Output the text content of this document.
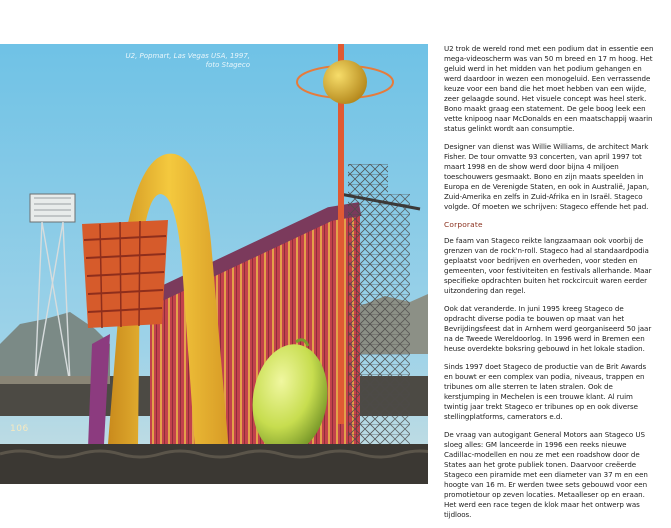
U2, Popmart, Las Vegas USA, 1997,
foto Stageco
106

U2 trok de wereld rond met een podium dat in essentie een mega-videoscherm was van 50 m breed en 17 m hoog. Het geluid werd in het midden van het podium gehangen en werd daardoor in wezen een monogeluid. Een verrassende keuze voor een band die het moet hebben van een wijde, zeer gelaagde sound. Het visuele concept was heel sterk. Bono maakt graag een statement. De gele boog leek een vette knipoog naar McDonalds en een maatschappij waarin status gelinkt wordt aan consumptie.

Designer van dienst was Willie Williams, de architect Mark Fisher. De tour omvatte 93 concerten, van april 1997 tot maart 1998 en de show werd door bijna 4 miljoen toeschouwers gesmaakt. Bono en zijn maats speelden in Europa en de Verenigde Staten, en ook in Australië, Japan, Zuid-Amerika en zelfs in Zuid-Afrika en in Israël. Stageco volgde. Of moeten we schrijven: Stageco effende het pad.

Corporate

De faam van Stageco reikte langzaamaan ook voorbij de grenzen van de rock'n-roll. Stageco had al standaardpodia geplaatst voor bedrijven en overheden, voor steden en gemeenten, voor festiviteiten en festivals allerhande. Maar specifieke opdrachten buiten het rockcircuit waren eerder uitzondering dan regel.

Ook dat veranderde. In juni 1995 kreeg Stageco de opdracht diverse podia te bouwen op maat van het Bevrijdingsfeest dat in Arnhem werd georganiseerd 50 jaar na de Tweede Wereldoorlog. In 1996 werd in Bremen een heuse overdekte boksring gebouwd in het lokale stadion.

Sinds 1997 doet Stageco de productie van de Brit Awards en bouwt er een complex van podia, niveaus, trappen en tribunes om alle sterren te laten stralen. Ook de kerstjumping in Mechelen is een trouwe klant. Al ruim twintig jaar trekt Stageco er tribunes op en ook diverse stellingplatforms, camerators e.d.

De vraag van autogigant General Motors aan Stageco US sloeg alles: GM lanceerde in 1996 een reeks nieuwe Cadillac-modellen en nou ze met een roadshow door de States aan het grote publiek tonen. Daarvoor creëerde Stageco een piramide met een diameter van 37 m en een hoogte van 16 m. Er werden twee sets gebouwd voor een promotietour op zeven locaties. Metaalleser op en eraan. Het werd een race tegen de klok maar het ontwerp was tijdloos.
